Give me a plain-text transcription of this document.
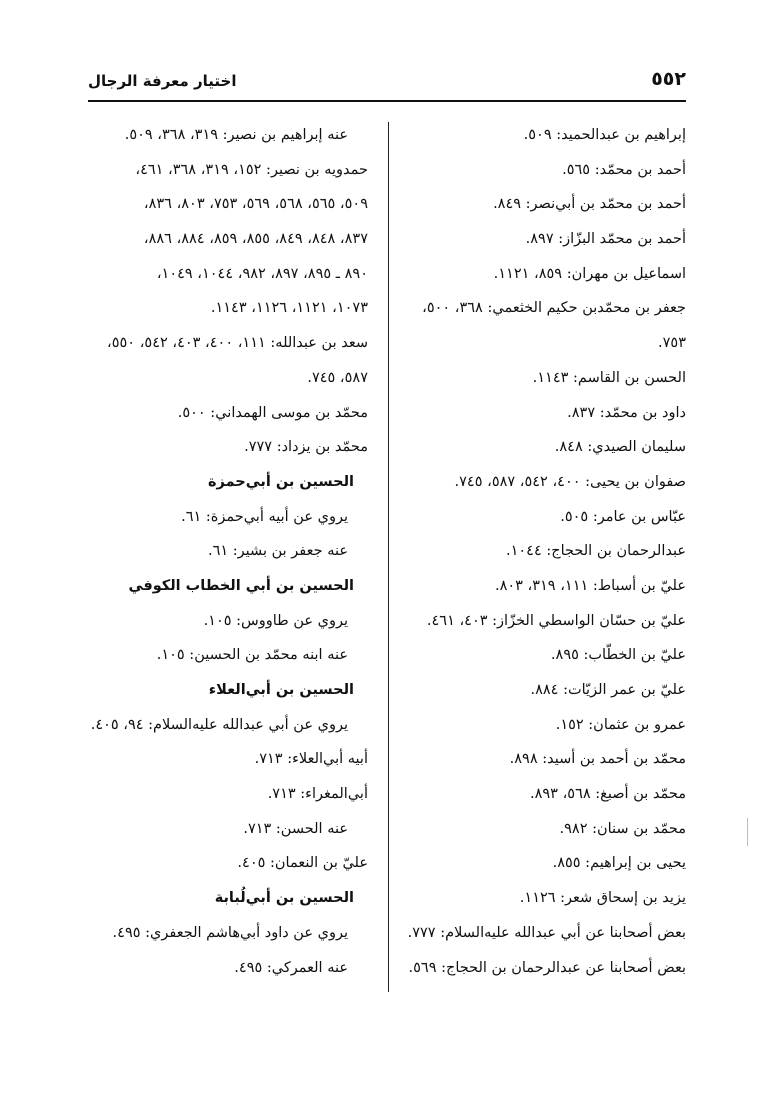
٥٥٢
اختيار معرفة الرجال
إبراهيم بن عبدالحميد: ٥٠٩.
أحمد بن محمّد: ٥٦٥.
أحمد بن محمّد بن أبي‌نصر: ٨٤٩.
أحمد بن محمّد البزّاز: ٨٩٧.
اسماعيل بن مهران: ٨٥٩، ١١٢١.
جعفر بن محمّد‌بن حكيم الخثعمي: ٣٦٨، ٥٠٠،
٧٥٣.
الحسن بن القاسم: ١١٤٣.
داود بن محمّد: ٨٣٧.
سليمان الصيدي: ٨٤٨.
صفوان بن يحيى: ٤٠٠، ٥٤٢، ٥٨٧، ٧٤٥.
عبّاس بن عامر: ٥٠٥.
عبدالرحمان بن الحجاج: ١٠٤٤.
عليّ بن أسباط: ١١١، ٣١٩، ٨٠٣.
عليّ بن حسّان الواسطي الخزّاز: ٤٠٣، ٤٦١.
عليّ بن الخطّاب: ٨٩٥.
عليّ بن عمر الزيّات: ٨٨٤.
عمرو بن عثمان: ١٥٢.
محمّد بن أحمد بن أسيد: ٨٩٨.
محمّد بن أصبغ: ٥٦٨، ٨٩٣.
محمّد بن سنان: ٩٨٢.
يحيى بن إبراهيم: ٨٥٥.
يزيد بن إسحاق شعر: ١١٢٦.
بعض أصحابنا عن أبي عبدالله عليه‌السلام: ٧٧٧.
بعض أصحابنا عن عبدالرحمان بن الحجاج: ٥٦٩.
عنه إبراهيم بن نصير: ٣١٩، ٣٦٨، ٥٠٩.
حمدويه بن نصير: ١٥٢، ٣١٩، ٣٦٨، ٤٦١،
٥٠٩، ٥٦٥، ٥٦٨، ٥٦٩، ٧٥٣، ٨٠٣، ٨٣٦،
٨٣٧، ٨٤٨، ٨٤٩، ٨٥٥، ٨٥٩، ٨٨٤، ٨٨٦،
٨٩٠ ـ ٨٩٥، ٨٩٧، ٩٨٢، ١٠٤٤، ١٠٤٩،
١٠٧٣، ١١٢١، ١١٢٦، ١١٤٣.
سعد بن عبدالله: ١١١، ٤٠٠، ٤٠٣، ٥٤٢، ٥٥٠،
٥٨٧، ٧٤٥.
محمّد بن موسى الهمداني: ٥٠٠.
محمّد بن يزداد: ٧٧٧.
الحسين بن أبي‌حمزة
يروي عن أبيه أبي‌حمزة: ٦١.
عنه جعفر بن بشير: ٦١.
الحسين بن أبي الخطاب الكوفي
يروي عن طاووس: ١٠٥.
عنه ابنه محمّد بن الحسين: ١٠٥.
الحسين بن أبي‌العلاء
يروي عن أبي عبدالله عليه‌السلام: ٩٤، ٤٠٥.
أبيه أبي‌العلاء: ٧١٣.
أبي‌المغراء: ٧١٣.
عنه الحسن: ٧١٣.
عليّ بن النعمان: ٤٠٥.
الحسين بن أبي‌لُبابة
يروي عن داود أبي‌هاشم الجعفري: ٤٩٥.
عنه العمركي: ٤٩٥.
